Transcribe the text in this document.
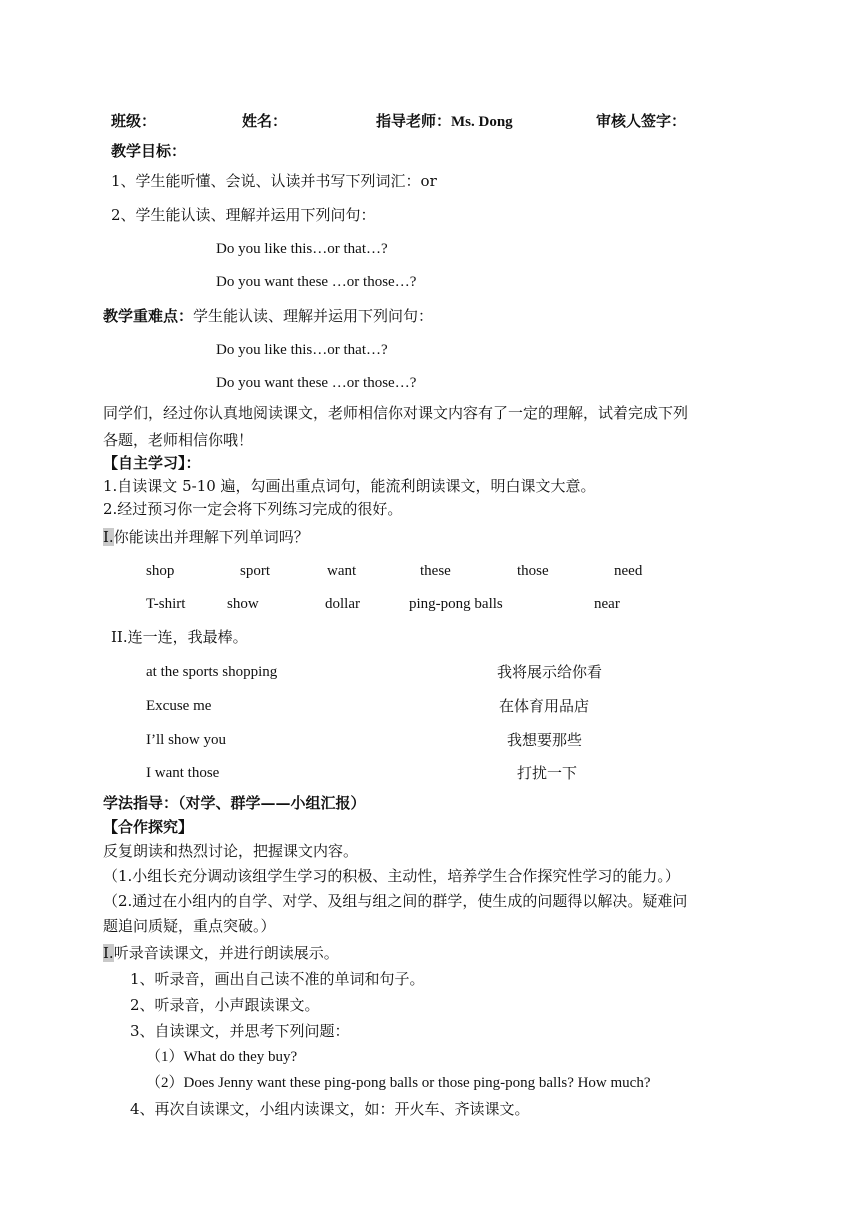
班级：	姓名：	指导老师：Ms. Dong	审核人签字：
教学目标：
1、学生能听懂、会说、认读并书写下列词汇：or
2、学生能认读、理解并运用下列问句：
Do you like this…or that…?
Do you want these …or those…?
教学重难点：学生能认读、理解并运用下列问句：
Do you like this…or that…?
Do you want these …or those…?
同学们，经过你认真地阅读课文，老师相信你对课文内容有了一定的理解，试着完成下列
各题，老师相信你哦！
【自主学习】：
1.自读课文 5-10 遍，勾画出重点词句，能流利朗读课文，明白课文大意。
2.经过预习你一定会将下列练习完成的很好。
I.你能读出并理解下列单词吗？
shop	sport	want	these	those	need
T-shirt	show	dollar	ping-pong balls	near
II.连一连，我最棒。
at the sports shopping	我将展示给你看
Excuse me	在体育用品店
I’ll show you	我想要那些
I want those	打扰一下
学法指导：（对学、群学——小组汇报）
【合作探究】
反复朗读和热烈讨论，把握课文内容。
（1.小组长充分调动该组学生学习的积极、主动性，培养学生合作探究性学习的能力。）
（2.通过在小组内的自学、对学、及组与组之间的群学，使生成的问题得以解决。疑难问
题追问质疑，重点突破。）
I.听录音读课文，并进行朗读展示。
1、听录音，画出自己读不准的单词和句子。
2、听录音，小声跟读课文。
3、自读课文，并思考下列问题：
（1）What do they buy?
（2）Does Jenny want these ping-pong balls or those ping-pong balls? How much?
4、再次自读课文，小组内读课文，如：开火车、齐读课文。
